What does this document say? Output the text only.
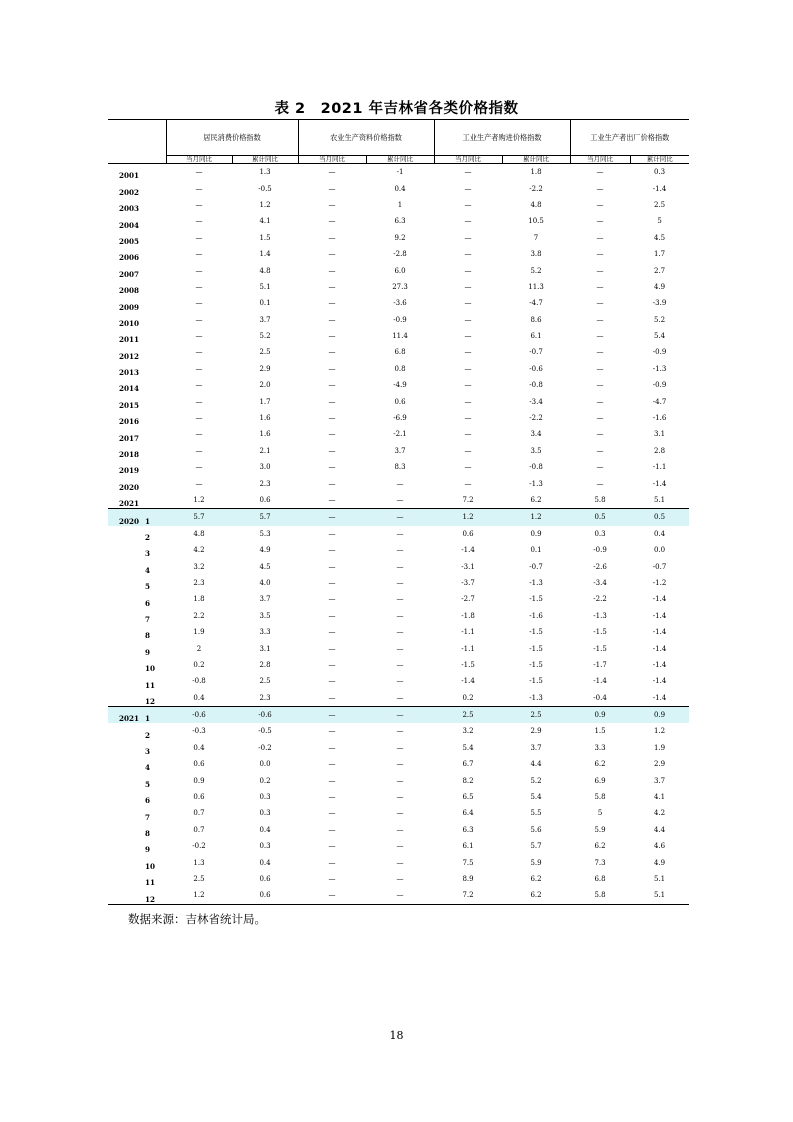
表 2　2021 年吉林省各类价格指数
		居民消费价格指数		农业生产资料价格指数		工业生产者购进价格指数		工业生产者出厂价格指数	
		当月同比	累计同比	当月同比	累计同比	当月同比	累计同比	当月同比	累计同比
2001		—	1.3	—	-1	—	1.8	—	0.3
2002		—	-0.5	—	0.4	—	-2.2	—	-1.4
2003		—	1.2	—	1	—	4.8	—	2.5
2004		—	4.1	—	6.3	—	10.5	—	5
2005		—	1.5	—	9.2	—	7	—	4.5
2006		—	1.4	—	-2.8	—	3.8	—	1.7
2007		—	4.8	—	6.0	—	5.2	—	2.7
2008		—	5.1	—	27.3	—	11.3	—	4.9
2009		—	0.1	—	-3.6	—	-4.7	—	-3.9
2010		—	3.7	—	-0.9	—	8.6	—	5.2
2011		—	5.2	—	11.4	—	6.1	—	5.4
2012		—	2.5	—	6.8	—	-0.7	—	-0.9
2013		—	2.9	—	0.8	—	-0.6	—	-1.3
2014		—	2.0	—	-4.9	—	-0.8	—	-0.9
2015		—	1.7	—	0.6	—	-3.4	—	-4.7
2016		—	1.6	—	-6.9	—	-2.2	—	-1.6
2017		—	1.6	—	-2.1	—	3.4	—	3.1
2018		—	2.1	—	3.7	—	3.5	—	2.8
2019		—	3.0	—	8.3	—	-0.8	—	-1.1
2020		—	2.3	—	—	—	-1.3	—	-1.4
2021		1.2	0.6	—	—	7.2	6.2	5.8	5.1
2020	1	5.7	5.7	—	—	1.2	1.2	0.5	0.5
	2	4.8	5.3	—	—	0.6	0.9	0.3	0.4
	3	4.2	4.9	—	—	-1.4	0.1	-0.9	0.0
	4	3.2	4.5	—	—	-3.1	-0.7	-2.6	-0.7
	5	2.3	4.0	—	—	-3.7	-1.3	-3.4	-1.2
	6	1.8	3.7	—	—	-2.7	-1.5	-2.2	-1.4
	7	2.2	3.5	—	—	-1.8	-1.6	-1.3	-1.4
	8	1.9	3.3	—	—	-1.1	-1.5	-1.5	-1.4
	9	2	3.1	—	—	-1.1	-1.5	-1.5	-1.4
	10	0.2	2.8	—	—	-1.5	-1.5	-1.7	-1.4
	11	-0.8	2.5	—	—	-1.4	-1.5	-1.4	-1.4
	12	0.4	2.3	—	—	0.2	-1.3	-0.4	-1.4
2021	1	-0.6	-0.6	—	—	2.5	2.5	0.9	0.9
	2	-0.3	-0.5	—	—	3.2	2.9	1.5	1.2
	3	0.4	-0.2	—	—	5.4	3.7	3.3	1.9
	4	0.6	0.0	—	—	6.7	4.4	6.2	2.9
	5	0.9	0.2	—	—	8.2	5.2	6.9	3.7
	6	0.6	0.3	—	—	6.5	5.4	5.8	4.1
	7	0.7	0.3	—	—	6.4	5.5	5	4.2
	8	0.7	0.4	—	—	6.3	5.6	5.9	4.4
	9	-0.2	0.3	—	—	6.1	5.7	6.2	4.6
	10	1.3	0.4	—	—	7.5	5.9	7.3	4.9
	11	2.5	0.6	—	—	8.9	6.2	6.8	5.1
	12	1.2	0.6	—	—	7.2	6.2	5.8	5.1
数据来源：吉林省统计局。
18
